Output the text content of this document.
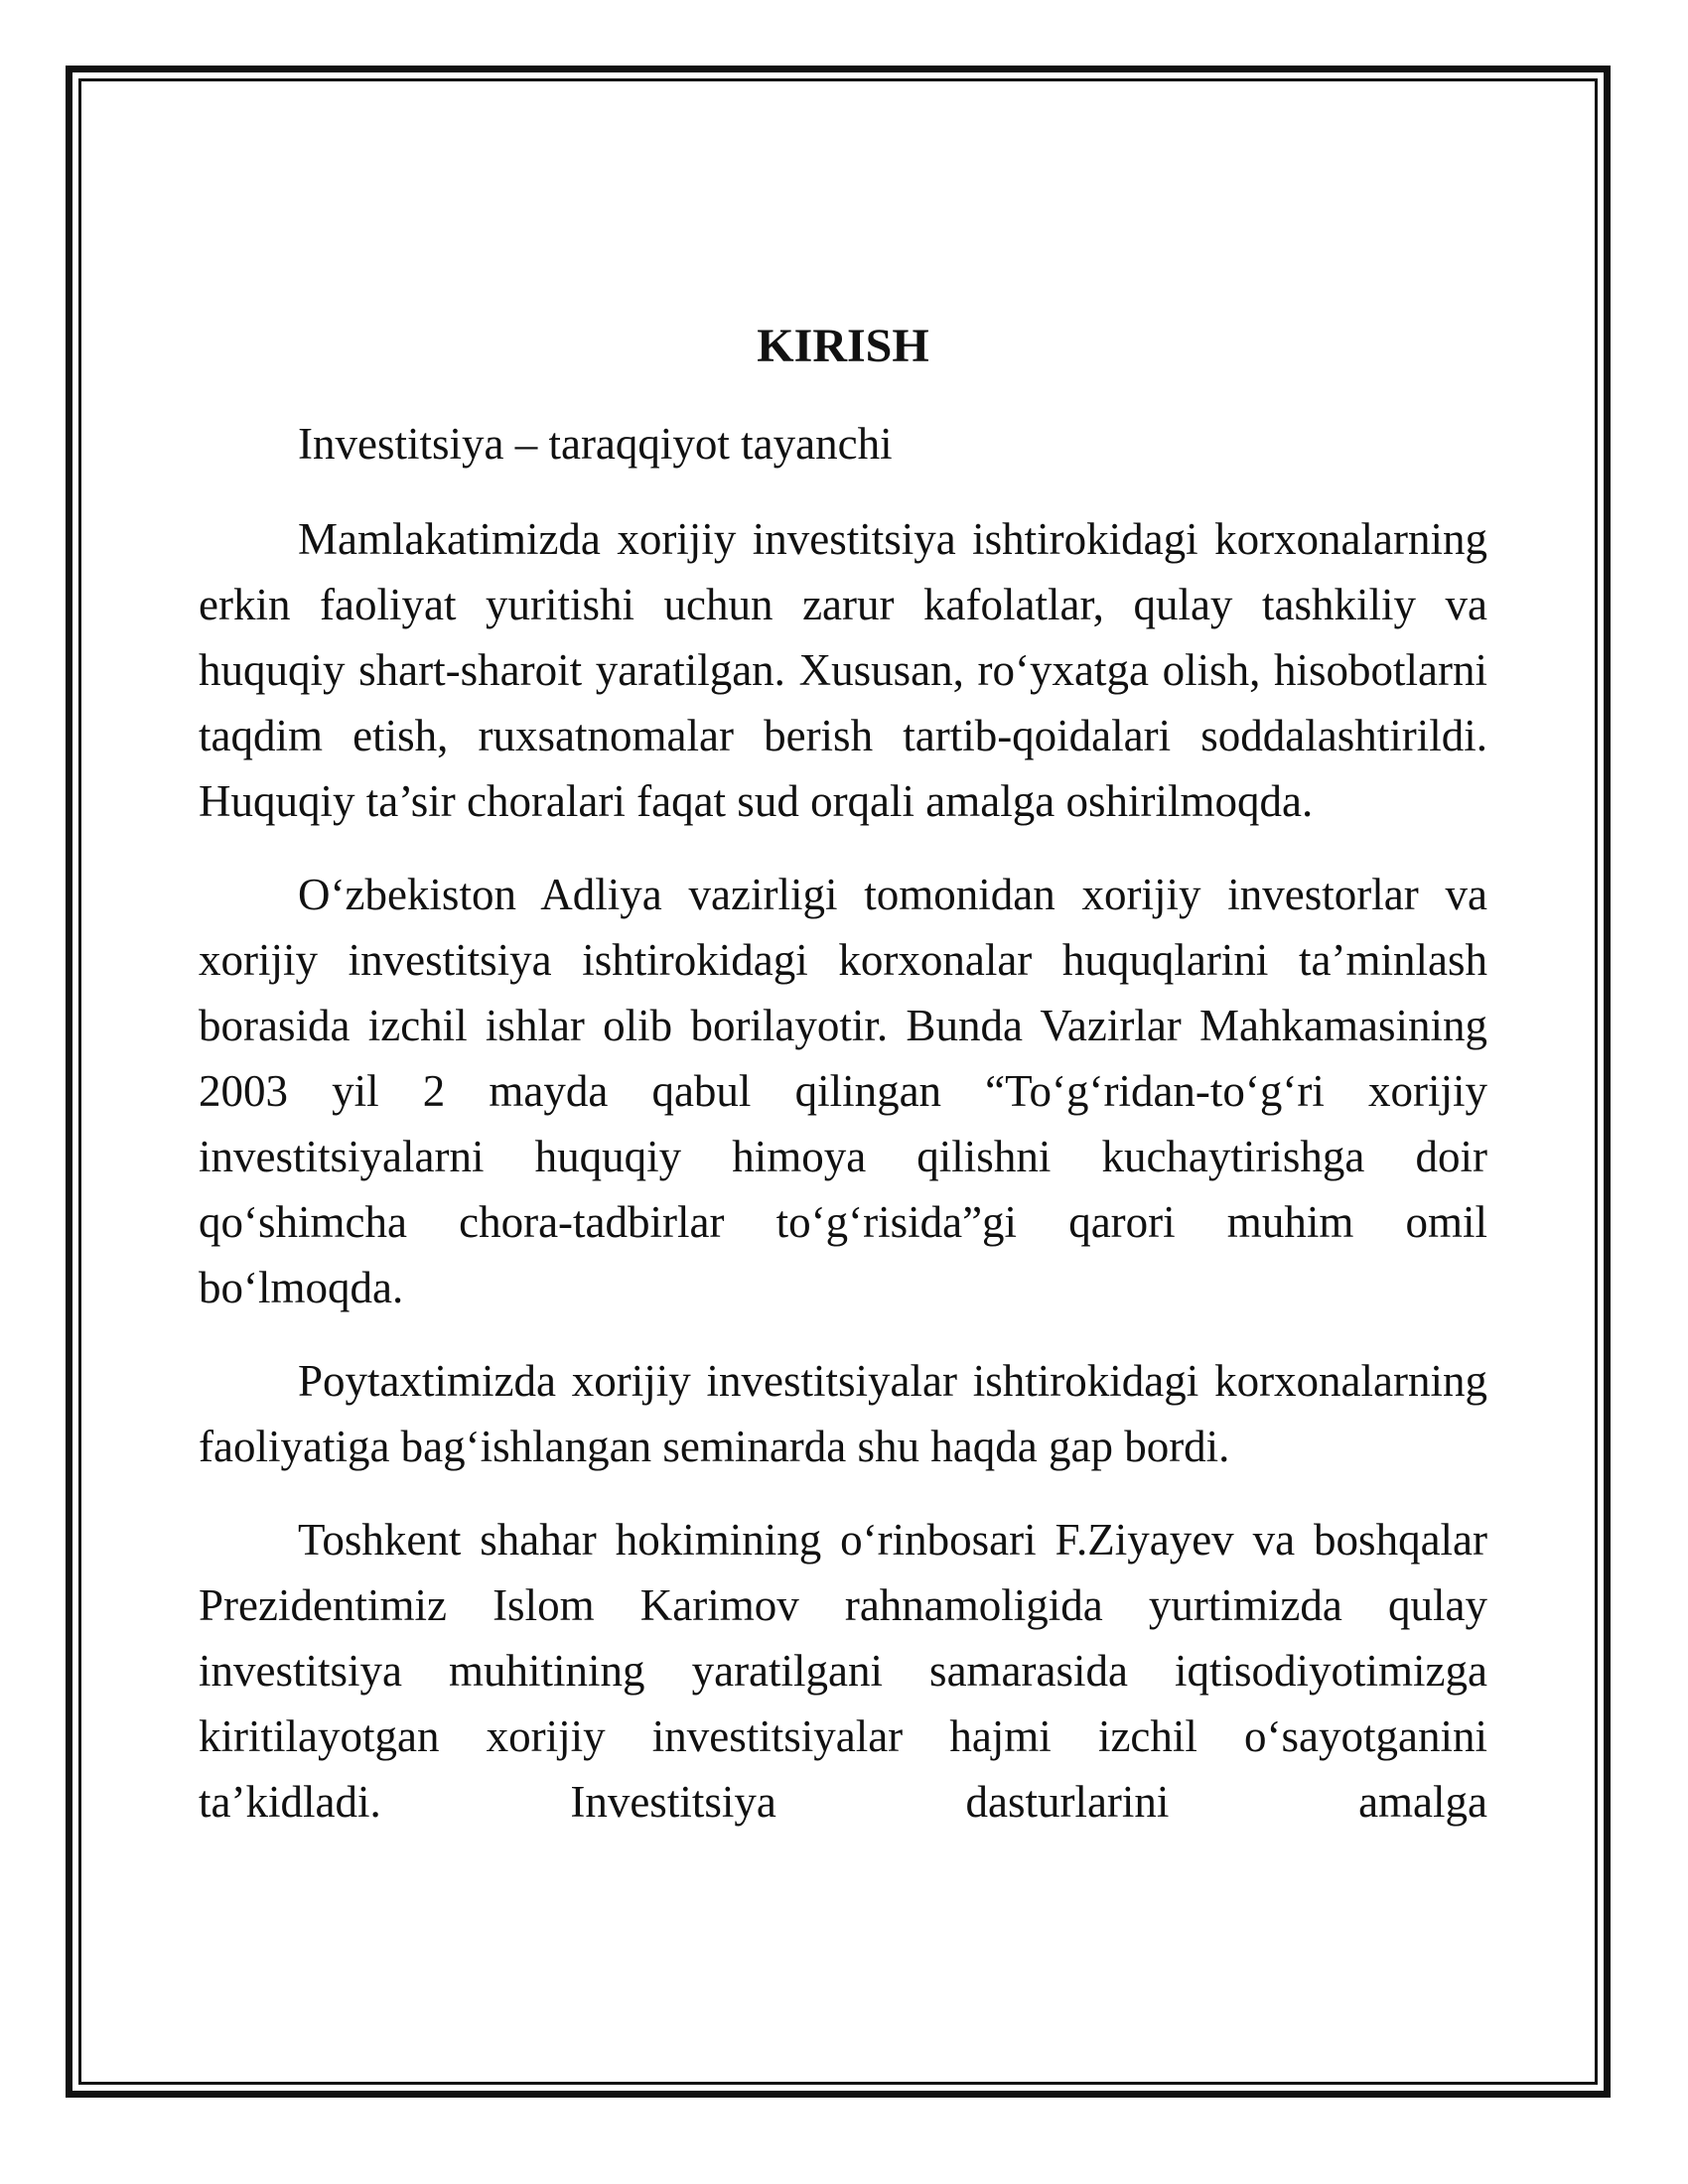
KIRISH

Investitsiya – taraqqiyot tayanchi

Mamlakatimizda xorijiy investitsiya ishtirokidagi korxonalarning erkin faoliyat yuritishi uchun zarur kafolatlar, qulay tashkiliy va huquqiy shart-sharoit yaratilgan. Xususan, ro‘yxatga olish, hisobotlarni taqdim etish, ruxsatnomalar berish tartib-qoidalari soddalashtirildi. Huquqiy ta’sir choralari faqat sud orqali amalga oshirilmoqda.

O‘zbekiston Adliya vazirligi tomonidan xorijiy investorlar va xorijiy investitsiya ishtirokidagi korxonalar huquqlarini ta’minlash borasida izchil ishlar olib borilayotir. Bunda Vazirlar Mahkamasining 2003 yil 2 mayda qabul qilingan “To‘g‘ridan-to‘g‘ri xorijiy investitsiyalarni huquqiy himoya qilishni kuchaytirishga doir qo‘shimcha chora-tadbirlar to‘g‘risida”gi qarori muhim omil bo‘lmoqda.

Poytaxtimizda xorijiy investitsiyalar ishtirokidagi korxonalarning faoliyatiga bag‘ishlangan seminarda shu haqda gap bordi.

Toshkent shahar hokimining o‘rinbosari F.Ziyayev va boshqalar Prezidentimiz Islom Karimov rahnamoligida yurtimizda qulay investitsiya muhitining yaratilgani samarasida iqtisodiyotimizga kiritilayotgan xorijiy investitsiyalar hajmi izchil o‘sayotganini ta’kidladi. Investitsiya dasturlarini amalga
